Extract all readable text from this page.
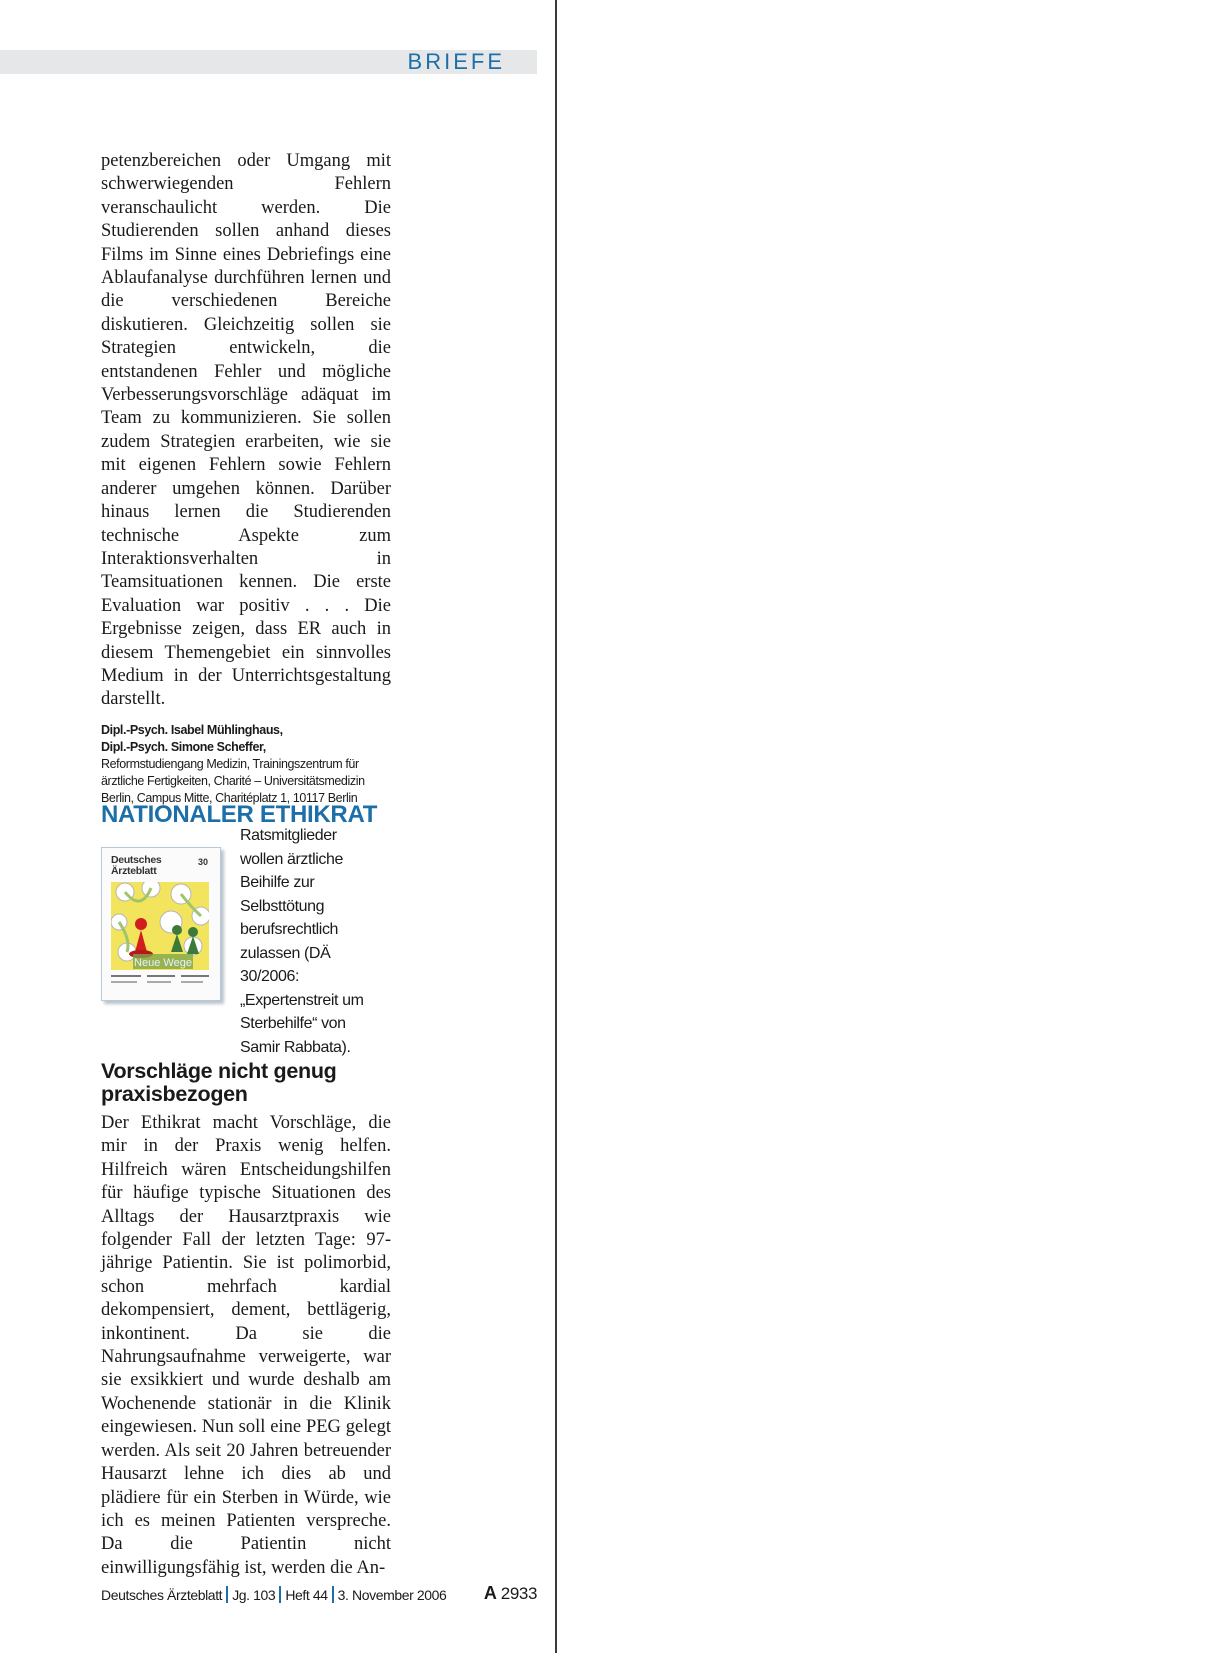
BRIEFE

petenzbereichen oder Umgang mit schwerwiegenden Fehlern veranschaulicht werden. Die Studierenden sollen anhand dieses Films im Sinne eines Debriefings eine Ablaufanalyse durchführen lernen und die verschiedenen Bereiche diskutieren. Gleichzeitig sollen sie Strategien entwickeln, die entstandenen Fehler und mögliche Verbesserungsvorschläge adäquat im Team zu kommunizieren. Sie sollen zudem Strategien erarbeiten, wie sie mit eigenen Fehlern sowie Fehlern anderer umgehen können. Darüber hinaus lernen die Studierenden technische Aspekte zum Interaktionsverhalten in Teamsituationen kennen. Die erste Evaluation war positiv . . . Die Ergebnisse zeigen, dass ER auch in diesem Themengebiet ein sinnvolles Medium in der Unterrichtsgestaltung darstellt.

Dipl.-Psych. Isabel Mühlinghaus,
Dipl.-Psych. Simone Scheffer,
Reformstudiengang Medizin, Trainingszentrum für ärztliche Fertigkeiten, Charité – Universitätsmedizin Berlin, Campus Mitte, Charitéplatz 1, 10117 Berlin
NATIONALER ETHIKRAT
Deutsches
Ärzteblatt
30
Neue Wege

Ratsmitglieder wollen ärztliche Beihilfe zur Selbsttötung berufsrechtlich zulassen (DÄ 30/2006: „Expertenstreit um Sterbehilfe“ von Samir Rabbata).

Vorschläge nicht genug praxisbezogen

Der Ethikrat macht Vorschläge, die mir in der Praxis wenig helfen. Hilfreich wären Entscheidungshilfen für häufige typische Situationen des Alltags der Hausarztpraxis wie folgender Fall der letzten Tage: 97-jährige Patientin. Sie ist polimorbid, schon mehrfach kardial dekompensiert, dement, bettlägerig, inkontinent. Da sie die Nahrungsaufnahme verweigerte, war sie exsikkiert und wurde deshalb am Wochenende stationär in die Klinik eingewiesen. Nun soll eine PEG gelegt werden. Als seit 20 Jahren betreuender Hausarzt lehne ich dies ab und plädiere für ein Sterben in Würde, wie ich es meinen Patienten verspreche. Da die Patientin nicht einwilligungsfähig ist, werden die An-

Deutsches Ärzteblatt Jg. 103 Heft 44 3. November 2006 A 2933
